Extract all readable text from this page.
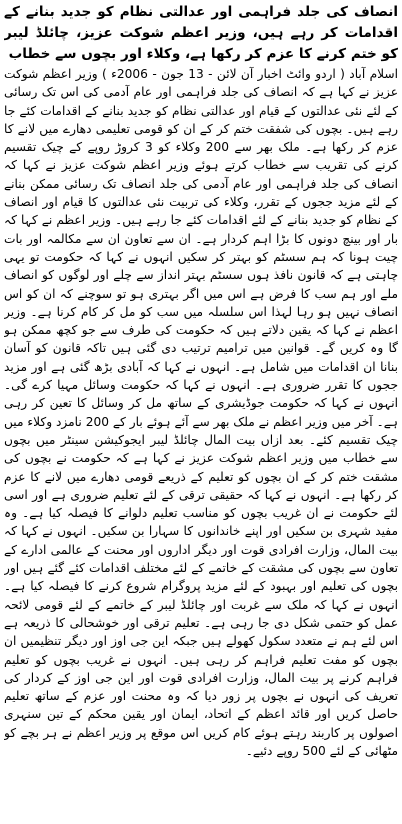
انصاف کی جلد فراہمی اور عدالتی نظام کو جدید بنانے کے اقدامات کر رہے ہیں، وزیر اعظم شوکت عزیز، چائلڈ لیبر کو ختم کرنے کا عزم کر رکھا ہے، وکلاء اور بچوں سے خطاب

اسلام آباد ( اردو وائٹ اخبار آن لائن - 13 جون - 2006ء ) وزیر اعظم شوکت عزیز نے کہا ہے کہ انصاف کی جلد فراہمی اور عام آدمی کی اس تک رسائی کے لئے نئی عدالتوں کے قیام اور عدالتی نظام کو جدید بنانے کے اقدامات کئے جا رہے ہیں۔ بچوں کی شفقت ختم کر کے ان کو قومی تعلیمی دھارے میں لانے کا عزم کر رکھا ہے۔ ملک بھر سے 200 وکلاء کو 3 کروڑ روپے کے چیک تقسیم کرنے کی تقریب سے خطاب کرتے ہوئے وزیر اعظم شوکت عزیز نے کہا کہ انصاف کی جلد فراہمی اور عام آدمی کی جلد انصاف تک رسائی ممکن بنانے کے لئے مزید ججوں کے تقرر، وکلاء کی تربیت نئی عدالتوں کا قیام اور انصاف کے نظام کو جدید بنانے کے لئے اقدامات کئے جا رہے ہیں۔ وزیر اعظم نے کہا کہ بار اور بینچ دونوں کا بڑا اہم کردار ہے۔ ان سے تعاون ان سے مکالمہ اور بات چیت ہونا کہ ہم سسٹم کو بہتر کر سکیں انہوں نے کہا کہ حکومت تو یہی چاہتی ہے کہ قانون نافذ ہوں سسٹم بہتر انداز سے چلے اور لوگوں کو انصاف ملے اور ہم سب کا فرض ہے اس میں اگر بہتری ہو تو سوچنے کہ ان کو اس انصاف نہیں ہو رہا لہذا اس سلسلہ میں سب کو مل کر کام کرنا ہے۔ وزیر اعظم نے کہا کہ یقین دلاتے ہیں کہ حکومت کی طرف سے جو کچھ ممکن ہو گا وہ کریں گے۔ قوانین میں ترامیم ترتیب دی گئی ہیں تاکہ قانون کو آسان بنانا ان اقدامات میں شامل ہے۔ انہوں نے کہا کہ آبادی بڑھ گئی ہے اور مزید ججوں کا تقرر ضروری ہے۔ انہوں نے کہا کہ حکومت وسائل مہیا کرے گی۔ انہوں نے کہا کہ حکومت جوڈیشری کے ساتھ مل کر وسائل کا تعین کر رہی ہے۔ آخر میں وزیر اعظم نے ملک بھر سے آئے ہوئے بار کے 200 نامزد وکلاء میں چیک تقسیم کئے۔ بعد ازاں بیت المال چائلڈ لیبر ایجوکیشن سینٹر میں بچوں سے خطاب میں وزیر اعظم شوکت عزیز نے کہا ہے کہ حکومت نے بچوں کی مشقت ختم کر کے ان بچوں کو تعلیم کے ذریعے قومی دھارے میں لانے کا عزم کر رکھا ہے۔ انہوں نے کہا کہ حقیقی ترقی کے لئے تعلیم ضروری ہے اور اسی لئے حکومت نے ان غریب بچوں کو مناسب تعلیم دلوانے کا فیصلہ کیا ہے۔ وہ مفید شہری بن سکیں اور اپنے خاندانوں کا سہارا بن سکیں۔ انہوں نے کہا کہ بیت المال، وزارت افرادی قوت اور دیگر اداروں اور محنت کے عالمی ادارے کے تعاون سے بچوں کی مشقت کے خاتمے کے لئے مختلف اقدامات کئے گئے ہیں اور بچوں کی تعلیم اور بہبود کے لئے مزید پروگرام شروع کرنے کا فیصلہ کیا ہے۔ انہوں نے کہا کہ ملک سے غربت اور چائلڈ لیبر کے خاتمے کے لئے قومی لائحہ عمل کو حتمی شکل دی جا رہی ہے۔ تعلیم ترقی اور خوشحالی کا ذریعہ ہے اس لئے ہم نے متعدد سکول کھولے ہیں جبکہ این جی اوز اور دیگر تنظیمیں ان بچوں کو مفت تعلیم فراہم کر رہی ہیں۔ انہوں نے غریب بچوں کو تعلیم فراہم کرنے پر بیت المال، وزارت افرادی قوت اور این جی اوز کے کردار کی تعریف کی انہوں نے بچوں پر زور دیا کہ وہ محنت اور عزم کے ساتھ تعلیم حاصل کریں اور قائد اعظم کے اتحاد، ایمان اور یقین محکم کے تین سنہری اصولوں پر کاربند رہتے ہوئے کام کریں اس موقع پر وزیر اعظم نے ہر بچے کو مٹھائی کے لئے 500 روپے دئیے۔
